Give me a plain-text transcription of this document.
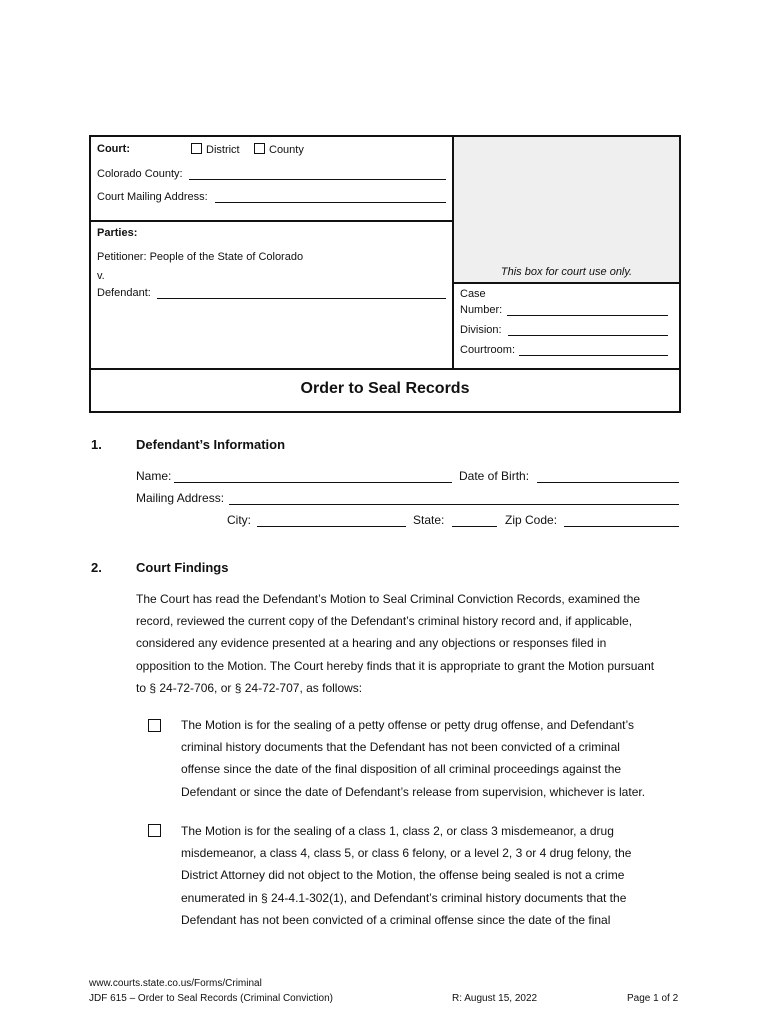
Court:	District	County
Colorado County:
Court Mailing Address:
Parties:
Petitioner: People of the State of Colorado
v.
Defendant:
This box for court use only.
Case
Number:
Division:
Courtroom:
Order to Seal Records
1.	Defendant’s Information
Name:	Date of Birth:
Mailing Address:
City:	State:	Zip Code:
2.	Court Findings
The Court has read the Defendant’s Motion to Seal Criminal Conviction Records, examined the
record, reviewed the current copy of the Defendant’s criminal history record and, if applicable,
considered any evidence presented at a hearing and any objections or responses filed in
opposition to the Motion. The Court hereby finds that it is appropriate to grant the Motion pursuant
to § 24-72-706, or § 24-72-707, as follows:
The Motion is for the sealing of a petty offense or petty drug offense, and Defendant’s
criminal history documents that the Defendant has not been convicted of a criminal
offense since the date of the final disposition of all criminal proceedings against the
Defendant or since the date of Defendant’s release from supervision, whichever is later.
The Motion is for the sealing of a class 1, class 2, or class 3 misdemeanor, a drug
misdemeanor, a class 4, class 5, or class 6 felony, or a level 2, 3 or 4 drug felony, the
District Attorney did not object to the Motion, the offense being sealed is not a crime
enumerated in § 24-4.1-302(1), and Defendant’s criminal history documents that the
Defendant has not been convicted of a criminal offense since the date of the final
www.courts.state.co.us/Forms/Criminal
JDF 615 – Order to Seal Records (Criminal Conviction)	R: August 15, 2022	Page 1 of 2
